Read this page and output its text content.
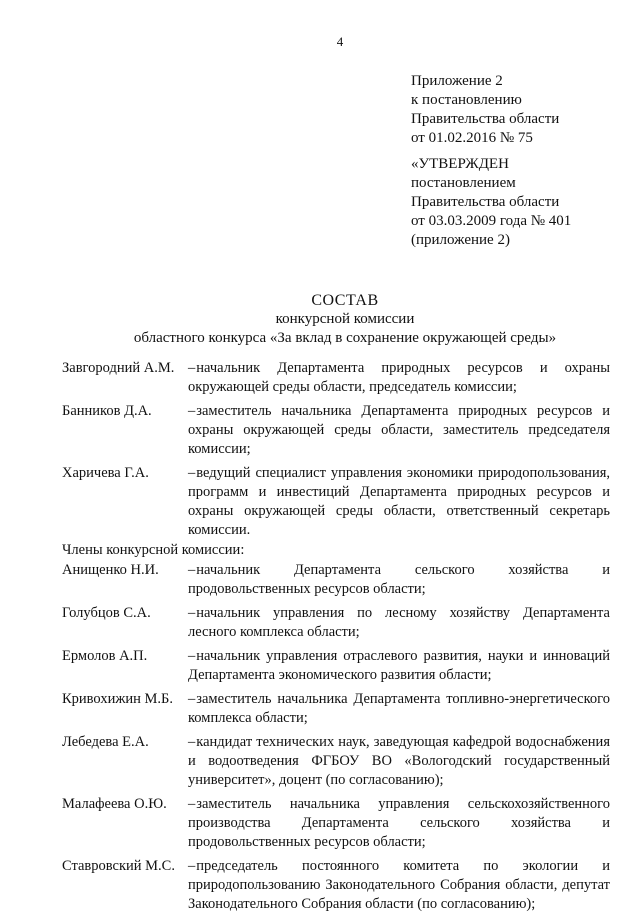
4
Приложение 2
к постановлению
Правительства области
от 01.02.2016 № 75
«УТВЕРЖДЕН
постановлением
Правительства области
от 03.03.2009 года № 401
(приложение 2)
СОСТАВ
конкурсной комиссии
областного конкурса «За вклад в сохранение окружающей среды»
Завгородний А.М. –начальник Департамента природных ресурсов и охраны окружающей среды области, председатель комиссии;
Банников Д.А.	–заместитель начальника Департамента природных ресурсов и охраны окружающей среды области, заместитель председателя комиссии;
Харичева Г.А.	–ведущий специалист управления экономики природопользования, программ и инвестиций Департамента природных ресурсов и охраны окружающей среды области, ответственный секретарь комиссии.
Члены конкурсной комиссии:
Анищенко Н.И.	–начальник Департамента сельского хозяйства и продовольственных ресурсов области;
Голубцов С.А.	–начальник управления по лесному хозяйству Департамента лесного комплекса области;
Ермолов А.П.	–начальник управления отраслевого развития, науки и инноваций Департамента экономического развития области;
Кривохижин М.Б.	–заместитель начальника Департамента топливно-энергетического комплекса области;
Лебедева Е.А.	–кандидат технических наук, заведующая кафедрой водоснабжения и водоотведения ФГБОУ ВО «Вологодский государственный университет», доцент (по согласованию);
Малафеева О.Ю.	–заместитель начальника управления сельскохозяйственного производства Департамента сельского хозяйства и продовольственных ресурсов области;
Ставровский М.С. –председатель постоянного комитета по экологии и природопользованию Законодательного Собрания области, депутат Законодательного Собрания области (по согласованию);
